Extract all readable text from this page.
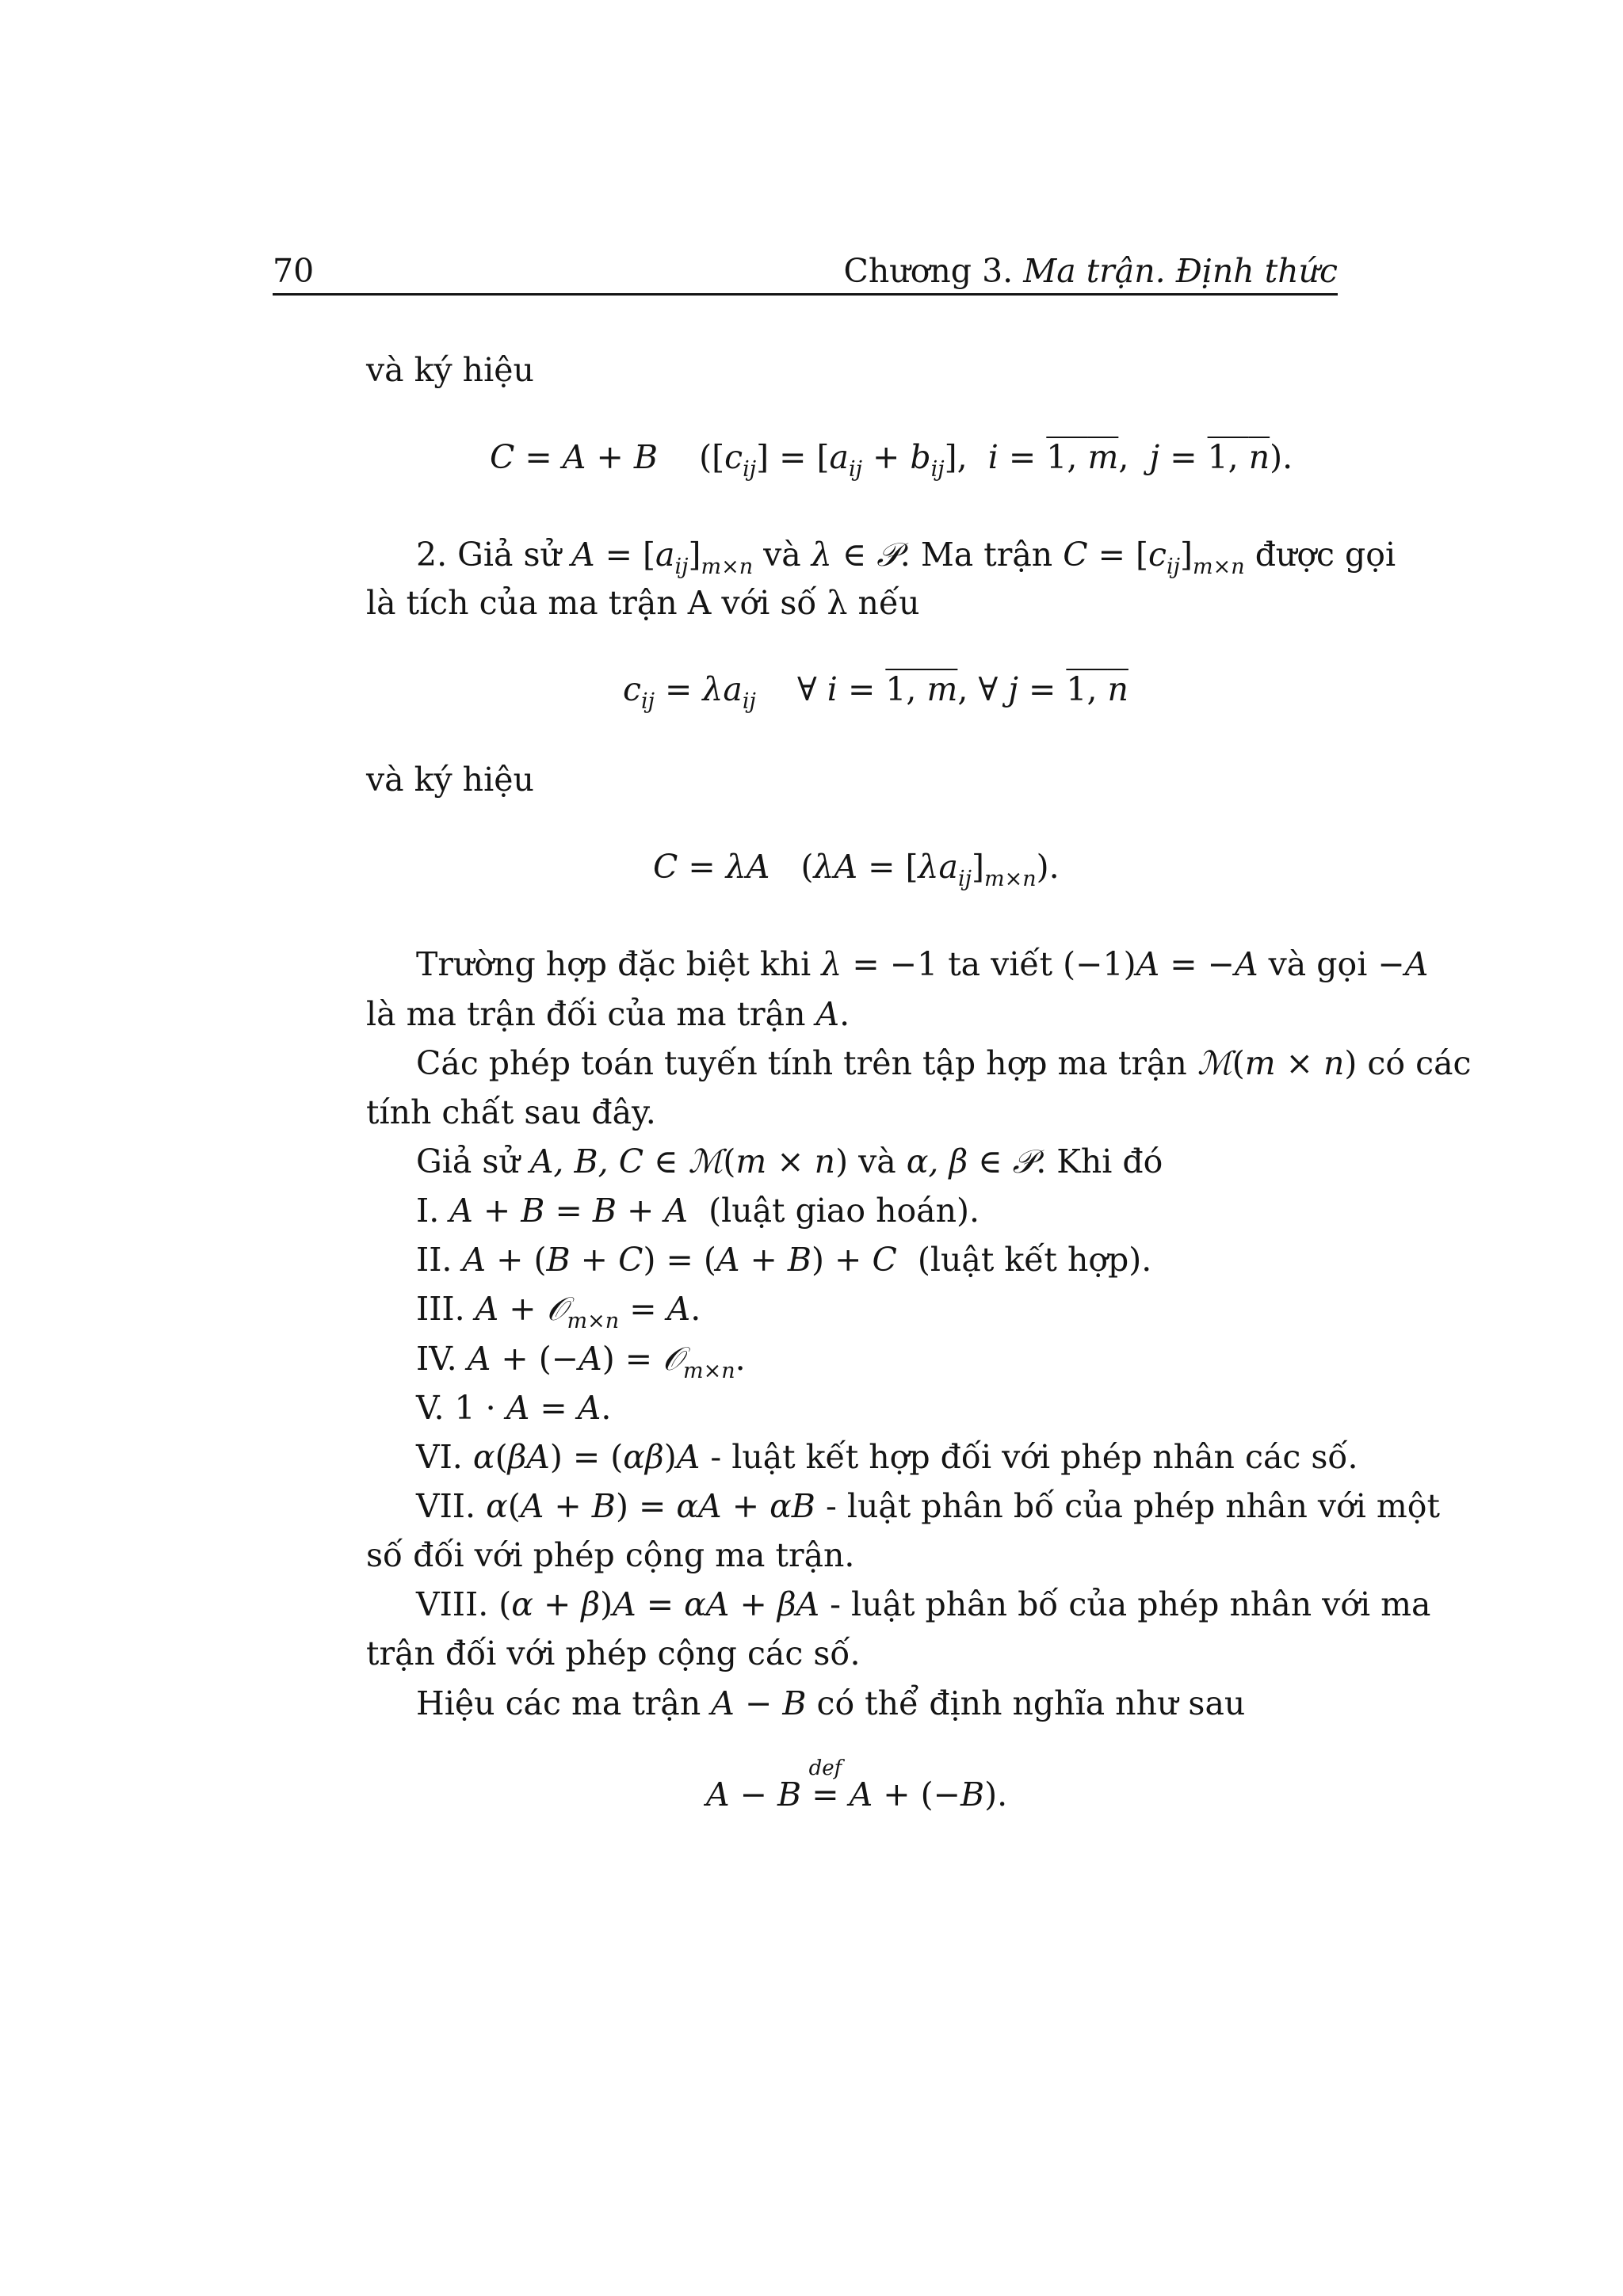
70	Chương 3. Ma trận. Định thức
và ký hiệu
C = A + B    ($[c_{ij}] = [a_{ij} + b_{ij}]$,  i = 1, m,  j = 1, n).
2. Giả sử $A = [a_{ij}]_{m\times n}$ và λ ∈ 𝒫. Ma trận $C = [c_{ij}]_{m\times n}$ được gọi
là tích của ma trận A với số λ nếu
$c_{ij} = \lambda a_{ij}$    ∀ i = 1, m, ∀ j = 1, n
và ký hiệu
C = λA   $(\lambda A = [\lambda a_{ij}]_{m\times n})$.
Trường hợp đặc biệt khi λ = −1 ta viết (−1)A = −A và gọi −A
là ma trận đối của ma trận A.
Các phép toán tuyến tính trên tập hợp ma trận ℳ(m × n) có các
tính chất sau đây.
Giả sử A, B, C ∈ ℳ(m × n) và α, β ∈ 𝒫. Khi đó
I. A + B = B + A  (luật giao hoán).
II. A + (B + C) = (A + B) + C  (luật kết hợp).
III. A + 𝒪$_{m\times n}$ = A.
IV. A + (−A) = 𝒪$_{m\times n}$.
V. 1 · A = A.
VI. α(βA) = (αβ)A - luật kết hợp đối với phép nhân các số.
VII. α(A + B) = αA + αB - luật phân bố của phép nhân với một
số đối với phép cộng ma trận.
VIII. (α + β)A = αA + βA - luật phân bố của phép nhân với ma
trận đối với phép cộng các số.
Hiệu các ma trận A − B có thể định nghĩa như sau
A − B =
def
A + (−B).
